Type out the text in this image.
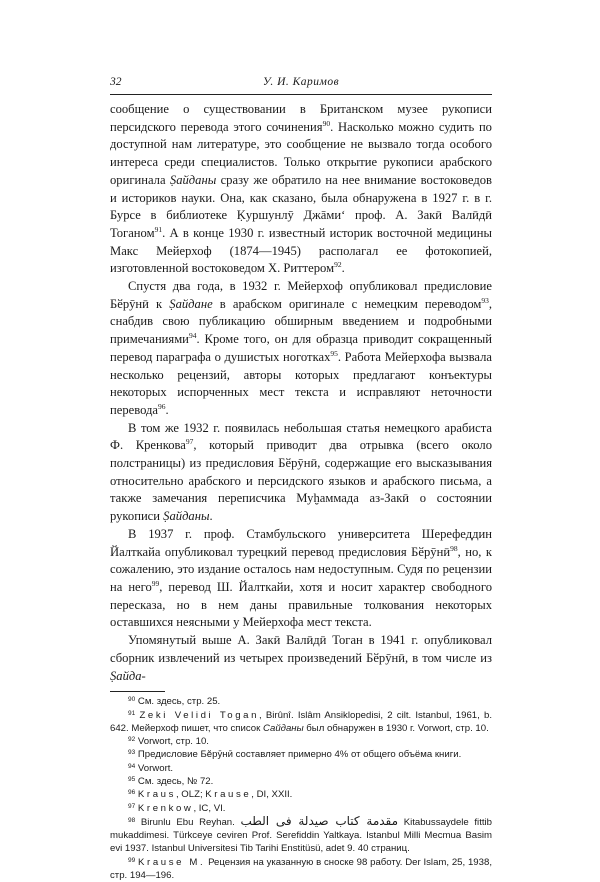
32	У. И. Каримов

сообщение о существовании в Британском музее рукописи персидского перевода этого сочинения$^{90}$. Насколько можно судить по доступной нам литературе, это сообщение не вызвало тогда особого интереса среди специалистов. Только открытие рукописи арабского оригинала Ṣайданы сразу же обратило на нее внимание востоковедов и историков науки. Она, как сказано, была обнаружена в 1927 г. в г. Бурсе в библиотеке Ḳуршунлӯ Джāми‘ проф. А. Закӣ Валӣдӣ Тоганом$^{91}$. А в конце 1930 г. известный историк восточной медицины Макс Мейерхоф (1874—1945) располагал ее фотокопией, изготовленной востоковедом Х. Риттером$^{92}$.

Спустя два года, в 1932 г. Мейерхоф опубликовал предисловие Бӗрӯнӣ к Ṣайдане в арабском оригинале с немецким переводом$^{93}$, снабдив свою публикацию обширным введением и подробными примечаниями$^{94}$. Кроме того, он для образца приводит сокращенный перевод параграфа о душистых ноготках$^{95}$. Работа Мейерхофа вызвала несколько рецензий, авторы которых предлагают конъектуры некоторых испорченных мест текста и исправляют неточности перевода$^{96}$.

В том же 1932 г. появилась небольшая статья немецкого арабиста Ф. Кренкова$^{97}$, который приводит два отрывка (всего около полстраницы) из предисловия Бӗрӯнӣ, содержащие его высказывания относительно арабского и персидского языков и арабского письма, а также замечания переписчика Муḫаммада аз-Закӣ о состоянии рукописи Ṣайданы.

В 1937 г. проф. Стамбульского университета Шерефеддин Йалткайа опубликовал турецкий перевод предисловия Бӗрӯнӣ$^{98}$, но, к сожалению, это издание осталось нам недоступным. Судя по рецензии на него$^{99}$, перевод Ш. Йалткайи, хотя и носит характер свободного пересказа, но в нем даны правильные толкования некоторых оставшихся неясными у Мейерхофа мест текста.

Упомянутый выше А. Закӣ Валӣдӣ Тоган в 1941 г. опубликовал сборник извлечений из четырех произведений Бӗрӯнӣ, в том числе из Ṣайда-

$^{90}$ См. здесь, стр. 25.

$^{91}$ Zeki Velidi Togan, Birûnî. Islâm Ansiklopedisi, 2 cilt. Istanbul, 1961, b. 642. Мейерхоф пишет, что список Сайданы был обнаружен в 1930 г. Vorwort, стр. 10.

$^{92}$ Vorwort, стр. 10.

$^{93}$ Предисловие Бӗрӯнӣ составляет примерно 4% от общего объёма книги.

$^{94}$ Vorwort.

$^{95}$ См. здесь, № 72.

$^{96}$ Kraus, OLZ; Krause, DI, XXII.

$^{97}$ Krenkow, IC, VI.

$^{98}$ Birunlu Ebu Reyhan. مقدمة كتاب صيدلة فى الطب Kitabussaydele fittib mukaddimesi. Türkceye ceviren Prof. Serefiddin Yaltkaya. Istanbul Milli Mecmua Basim evi 1937. Istanbul Universitesi Tib Tarihi Enstitüsü, adet 9. 40 страниц.

$^{99}$ Krause M. Рецензия на указанную в сноске 98 работу. Der Islam, 25, 1938, стр. 194—196.
